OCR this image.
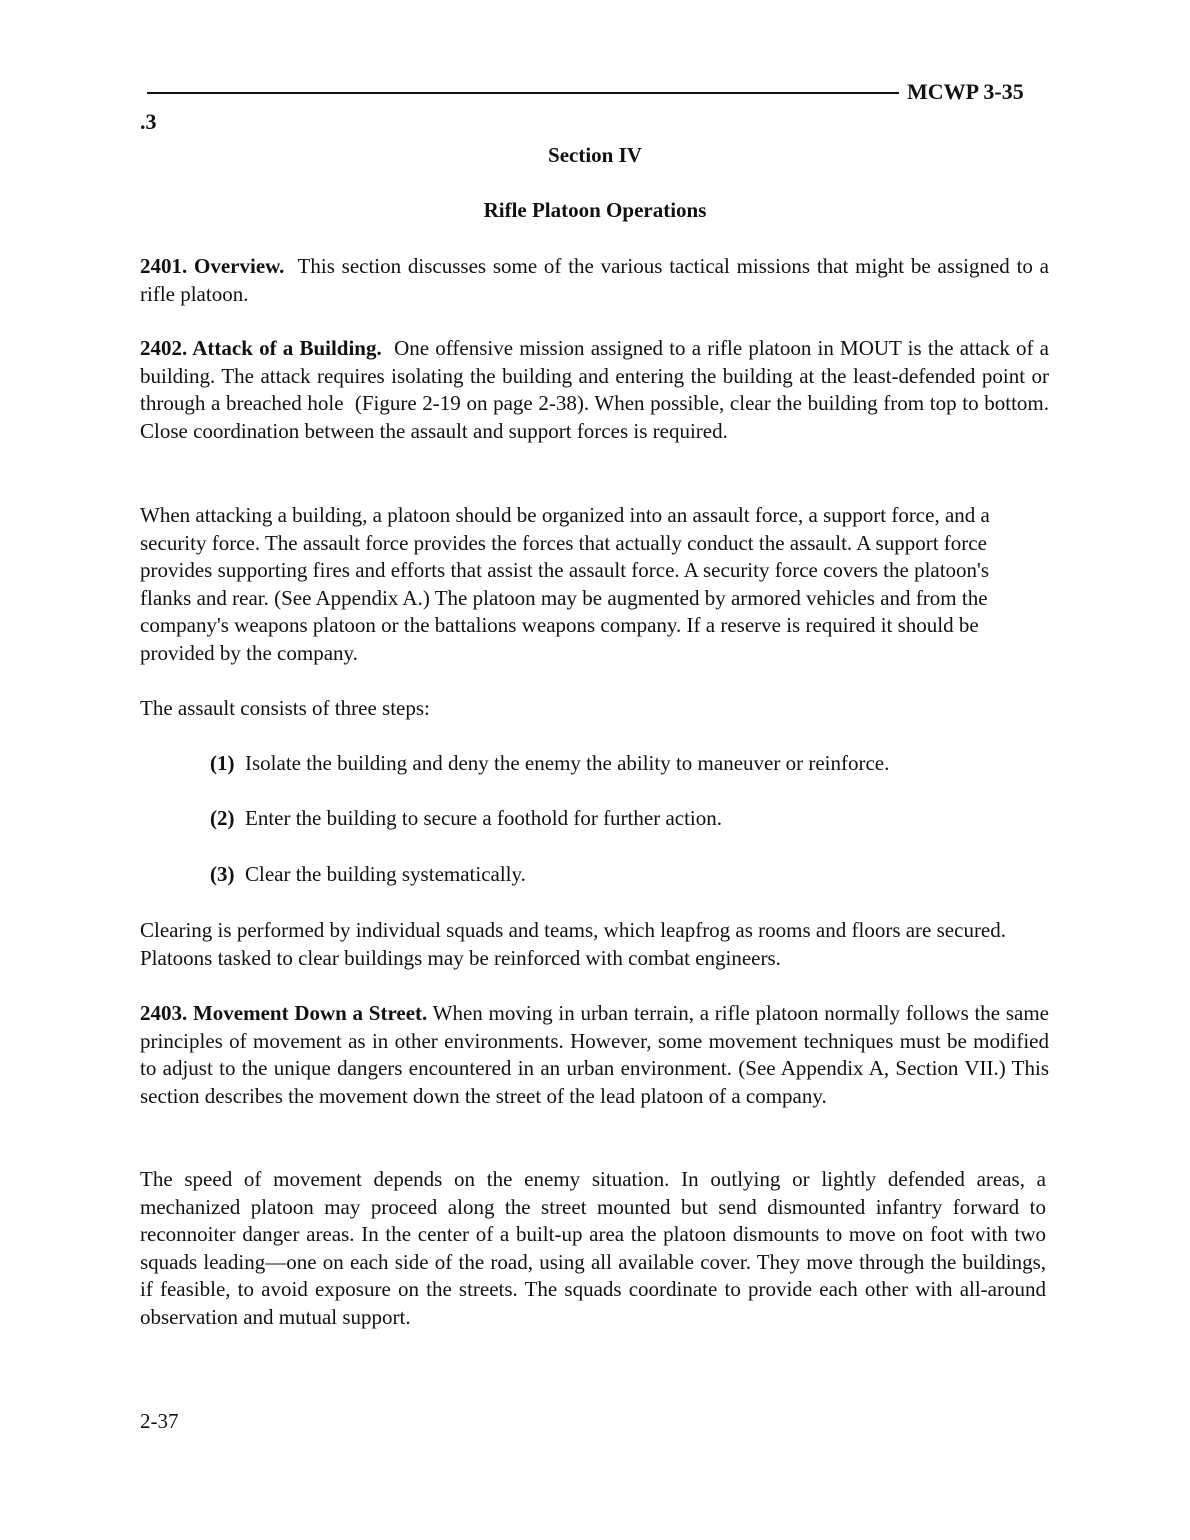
MCWP 3-35
.3
Section IV
Rifle Platoon Operations

2401. Overview.  This section discusses some of the various tactical missions that might be assigned to a rifle platoon.

2402. Attack of a Building.  One offensive mission assigned to a rifle platoon in MOUT is the attack of a building. The attack requires isolating the building and entering the building at the least-defended point or through a breached hole  (Figure 2-19 on page 2-38). When possible, clear the building from top to bottom.  Close coordination between the assault and support forces is required.

When attacking a building, a platoon should be organized into an assault force, a support force, and a security force. The assault force provides the forces that actually conduct the assault. A support force provides supporting fires and efforts that assist the assault force. A security force covers the platoon's flanks and rear. (See Appendix A.) The platoon may be augmented by armored vehicles and from the company's weapons platoon or the battalions weapons company. If a reserve is required it should be provided by the company.

The assault consists of three steps:

(1)  Isolate the building and deny the enemy the ability to maneuver or reinforce.

(2)  Enter the building to secure a foothold for further action.

(3)  Clear the building systematically.

Clearing is performed by individual squads and teams, which leapfrog as rooms and floors are secured. Platoons tasked to clear buildings may be reinforced with combat engineers.

2403. Movement Down a Street. When moving in urban terrain, a rifle platoon normally follows the same principles of movement as in other environments. However, some movement techniques must be modified to adjust to the unique dangers encountered in an urban environment. (See Appendix A, Section VII.) This section describes the movement down the street of the lead platoon of a company.

The speed of movement depends on the enemy situation. In outlying or lightly defended areas, a mechanized platoon may proceed along the street mounted but send dismounted infantry forward to reconnoiter danger areas. In the center of a built-up area the platoon dismounts to move on foot with two squads leading—one on each side of the road, using all available cover. They move through the buildings, if feasible, to avoid exposure on the streets. The squads coordinate to provide each other with all-around observation and mutual support.

2-37
